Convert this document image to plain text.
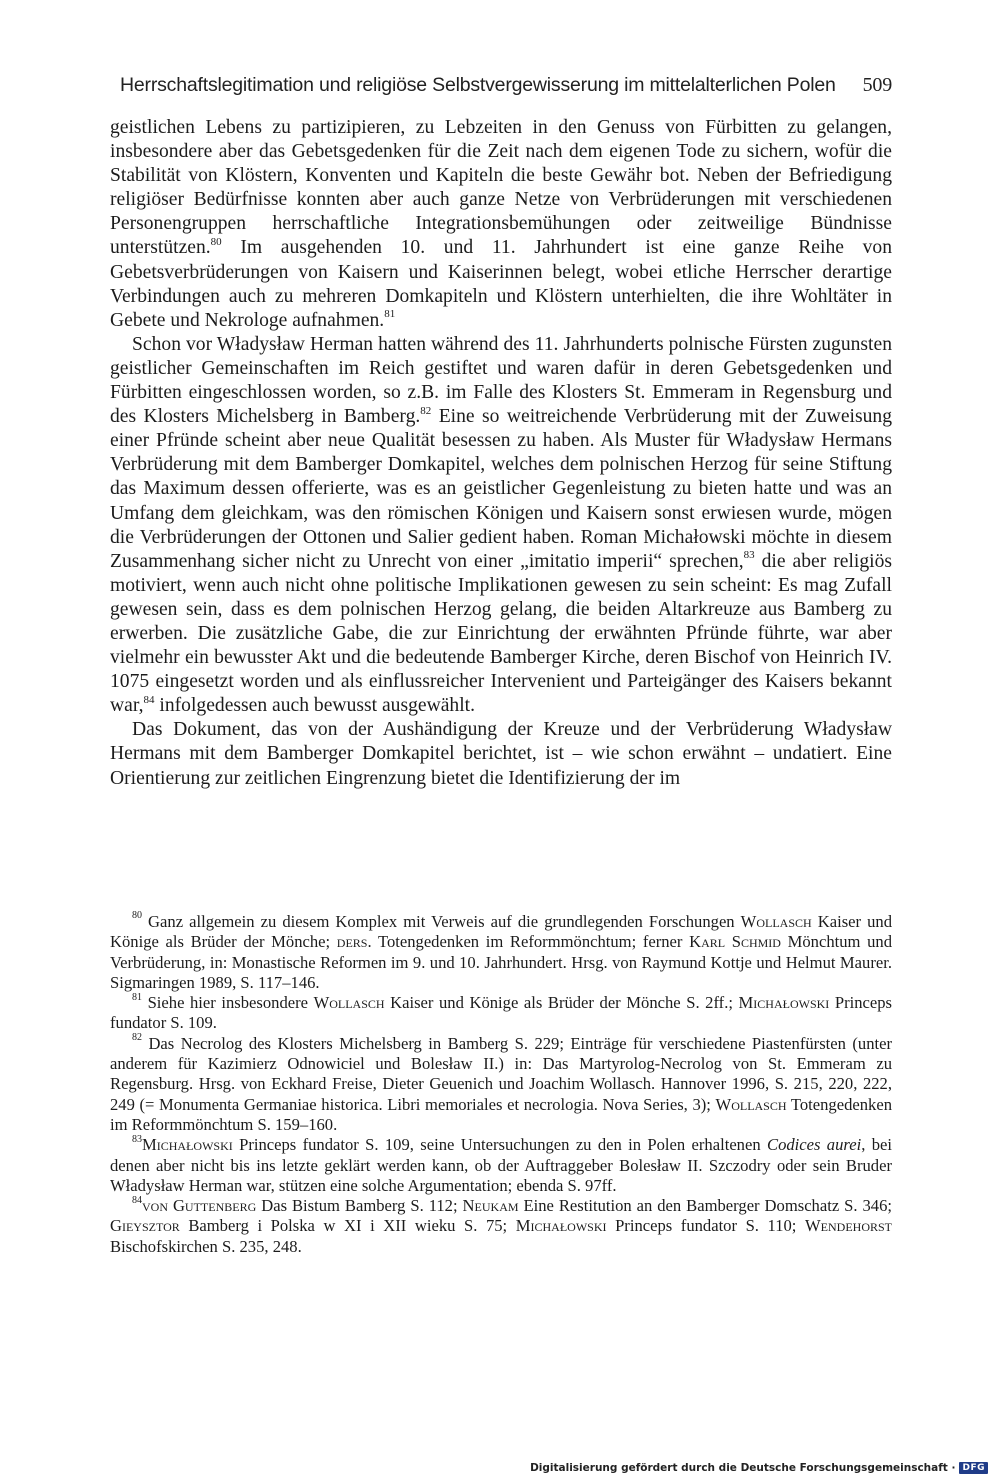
Herrschaftslegitimation und religiöse Selbstvergewisserung im mittelalterlichen Polen 509

geistlichen Lebens zu partizipieren, zu Lebzeiten in den Genuss von Fürbitten zu gelangen, insbesondere aber das Gebetsgedenken für die Zeit nach dem eigenen Tode zu sichern, wofür die Stabilität von Klöstern, Konventen und Kapiteln die beste Gewähr bot. Neben der Befriedigung religiöser Bedürfnisse konnten aber auch ganze Netze von Verbrüderungen mit verschiedenen Personengruppen herrschaftliche Integrationsbemühungen oder zeitweilige Bündnisse unterstützen.$^{80}$ Im ausgehenden 10. und 11. Jahrhundert ist eine ganze Reihe von Gebetsverbrüderungen von Kaisern und Kaiserinnen belegt, wobei etliche Herrscher derartige Verbindungen auch zu mehreren Domkapiteln und Klöstern unterhielten, die ihre Wohltäter in Gebete und Nekrologe aufnahmen.$^{81}$

Schon vor Władysław Herman hatten während des 11. Jahrhunderts polnische Fürsten zugunsten geistlicher Gemeinschaften im Reich gestiftet und waren dafür in deren Gebetsgedenken und Fürbitten eingeschlossen worden, so z.B. im Falle des Klosters St. Emmeram in Regensburg und des Klosters Michelsberg in Bamberg.$^{82}$ Eine so weitreichende Verbrüderung mit der Zuweisung einer Pfründe scheint aber neue Qualität besessen zu haben. Als Muster für Władysław Hermans Verbrüderung mit dem Bamberger Domkapitel, welches dem polnischen Herzog für seine Stiftung das Maximum dessen offerierte, was es an geistlicher Gegenleistung zu bieten hatte und was an Umfang dem gleichkam, was den römischen Königen und Kaisern sonst erwiesen wurde, mögen die Verbrüderungen der Ottonen und Salier gedient haben. Roman Michałowski möchte in diesem Zusammenhang sicher nicht zu Unrecht von einer „imitatio imperii“ sprechen,$^{83}$ die aber religiös motiviert, wenn auch nicht ohne politische Implikationen gewesen zu sein scheint: Es mag Zufall gewesen sein, dass es dem polnischen Herzog gelang, die beiden Altarkreuze aus Bamberg zu erwerben. Die zusätzliche Gabe, die zur Einrichtung der erwähnten Pfründe führte, war aber vielmehr ein bewusster Akt und die bedeutende Bamberger Kirche, deren Bischof von Heinrich IV. 1075 eingesetzt worden und als einflussreicher Intervenient und Parteigänger des Kaisers bekannt war,$^{84}$ infolgedessen auch bewusst ausgewählt.

Das Dokument, das von der Aushändigung der Kreuze und der Verbrüderung Władysław Hermans mit dem Bamberger Domkapitel berichtet, ist – wie schon erwähnt – undatiert. Eine Orientierung zur zeitlichen Eingrenzung bietet die Identifizierung der im

$^{80}$ Ganz allgemein zu diesem Komplex mit Verweis auf die grundlegenden Forschungen Wollasch Kaiser und Könige als Brüder der Mönche; ders. Totengedenken im Reformmönchtum; ferner Karl Schmid Mönchtum und Verbrüderung, in: Monastische Reformen im 9. und 10. Jahrhundert. Hrsg. von Raymund Kottje und Helmut Maurer. Sigmaringen 1989, S. 117–146.

$^{81}$ Siehe hier insbesondere Wollasch Kaiser und Könige als Brüder der Mönche S. 2ff.; Michałowski Princeps fundator S. 109.

$^{82}$ Das Necrolog des Klosters Michelsberg in Bamberg S. 229; Einträge für verschiedene Piastenfürsten (unter anderem für Kazimierz Odnowiciel und Bolesław II.) in: Das Martyrolog-Necrolog von St. Emmeram zu Regensburg. Hrsg. von Eckhard Freise, Dieter Geuenich und Joachim Wollasch. Hannover 1996, S. 215, 220, 222, 249 (= Monumenta Germaniae historica. Libri memoriales et necrologia. Nova Series, 3); Wollasch Totengedenken im Reformmönchtum S. 159–160.

$^{83}$Michałowski Princeps fundator S. 109, seine Untersuchungen zu den in Polen erhaltenen Codices aurei, bei denen aber nicht bis ins letzte geklärt werden kann, ob der Auftraggeber Bolesław II. Szczodry oder sein Bruder Władysław Herman war, stützen eine solche Argumentation; ebenda S. 97ff.

$^{84}$von Guttenberg Das Bistum Bamberg S. 112; Neukam Eine Restitution an den Bamberger Domschatz S. 346; Gieysztor Bamberg i Polska w XI i XII wieku S. 75; Michałowski Princeps fundator S. 110; Wendehorst Bischofskirchen S. 235, 248.

Digitalisierung gefördert durch die Deutsche Forschungsgemeinschaft · DFG
